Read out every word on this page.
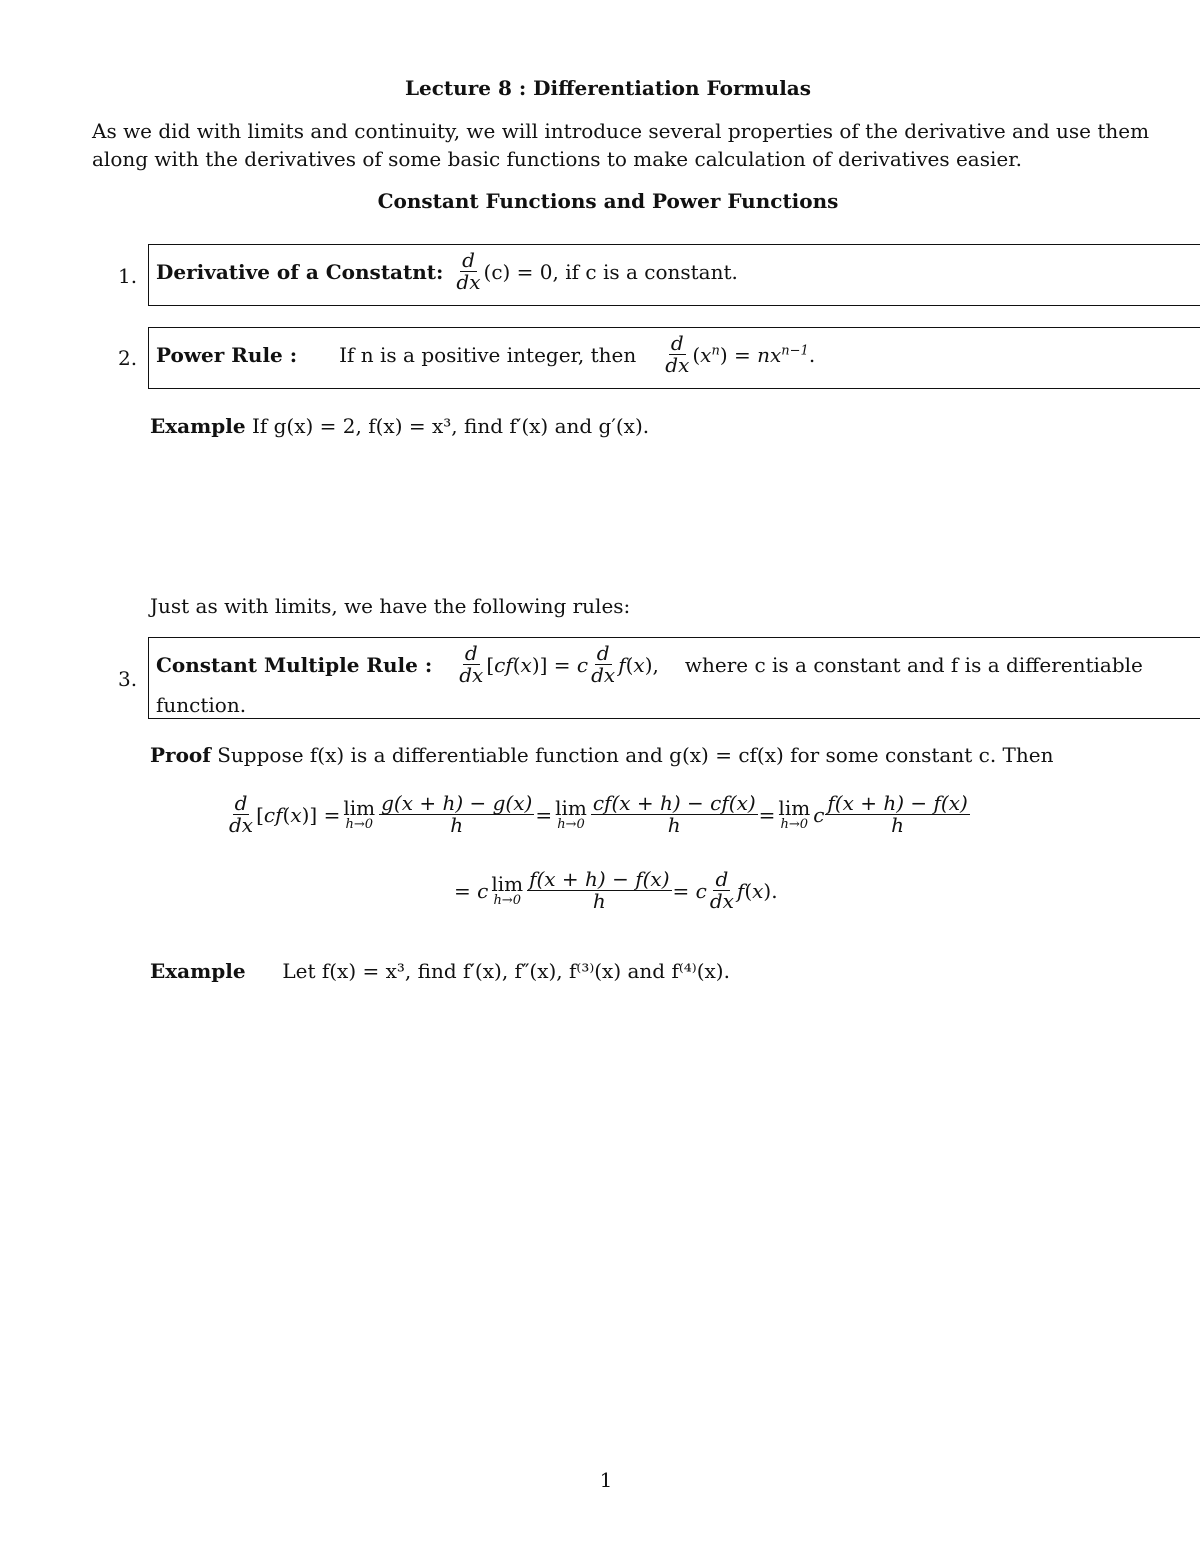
Lecture 8 : Differentiation Formulas
As we did with limits and continuity, we will introduce several properties of the derivative and use them
along with the derivatives of some basic functions to make calculation of derivatives easier.
Constant Functions and Power Functions
1. Derivative of a Constatnt: $\frac{d}{dx} (c) = 0$, if c is a constant.
2. Power Rule : If n is a positive integer, then $\frac{d}{dx} (x^n) = nx^{n-1}$.
Example If g(x) = 2, f(x) = x³, find f′(x) and g′(x).
Just as with limits, we have the following rules:
3.
Constant Multiple Rule : $\frac{d}{dx} [cf(x)] = c \frac{d}{dx} f(x)$, where c is a constant and f is a differentiable
function.
Proof Suppose f(x) is a differentiable function and g(x) = cf(x) for some constant c. Then
$\frac{d}{dx} [cf(x)] = \lim$
$h\to 0 \frac{g(x + h) - g(x)}{h} = \lim$
$h\to 0 \frac{cf(x + h) - cf(x)}{h} = \lim$
h→0 c $\frac{f(x + h) - f(x)}{h}$
= c lim
$h\to 0 \frac{f(x + h) - f(x)}{h} = c \frac{d}{dx} f(x)$.
Example Let f(x) = x³, find f′(x), f″(x), f⁽³⁾(x) and f⁽⁴⁾(x).
1
